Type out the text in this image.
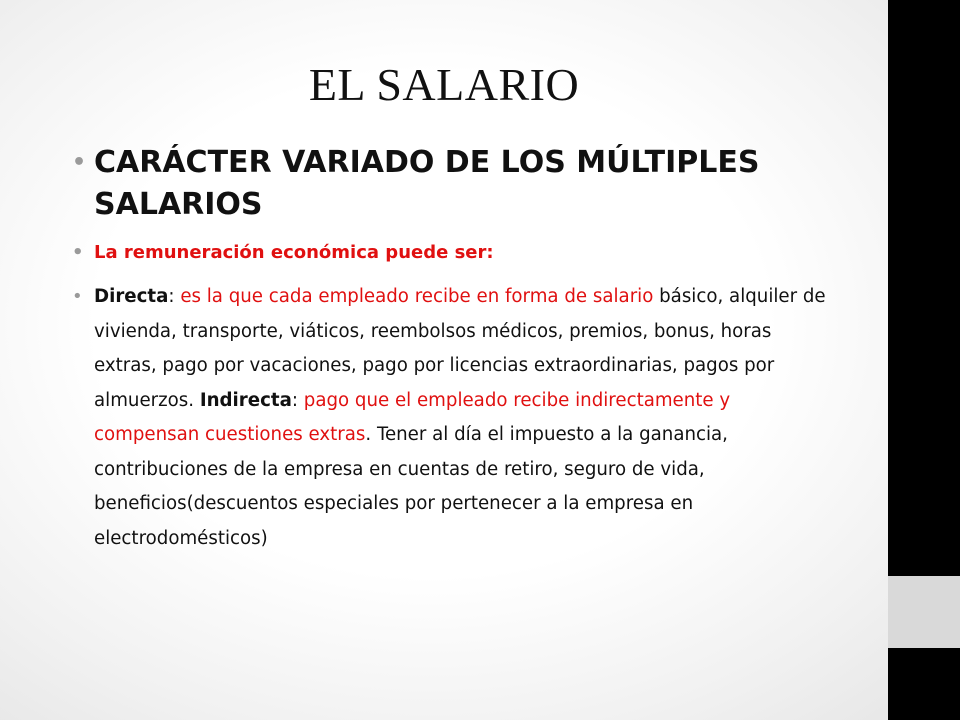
EL SALARIO
• CARÁCTER VARIADO DE LOS MÚLTIPLES SALARIOS
• La remuneración económica puede ser:
• Directa: es la que cada empleado recibe en forma de salario básico, alquiler de vivienda, transporte, viáticos, reembolsos médicos, premios, bonus, horas extras, pago por vacaciones, pago por licencias extraordinarias, pagos por almuerzos. Indirecta: pago que el empleado recibe indirectamente y compensan cuestiones extras. Tener al día el impuesto a la ganancia, contribuciones de la empresa en cuentas de retiro, seguro de vida, beneficios(descuentos especiales por pertenecer a la empresa en electrodomésticos)
